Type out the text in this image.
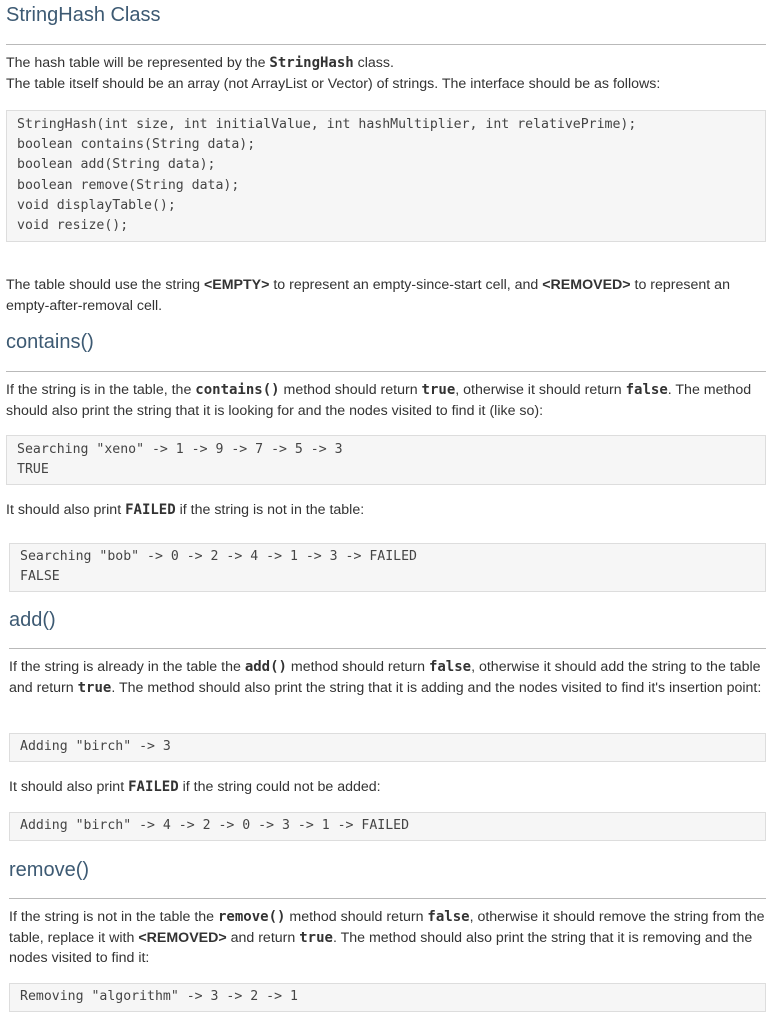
StringHash Class

The hash table will be represented by the StringHash class.

The table itself should be an array (not ArrayList or Vector) of strings. The interface should be as follows:

StringHash(int size, int initialValue, int hashMultiplier, int relativePrime);
boolean contains(String data);
boolean add(String data);
boolean remove(String data);
void displayTable();
void resize();

The table should use the string <EMPTY> to represent an empty-since-start cell, and <REMOVED> to represent an empty-after-removal cell.

contains()

If the string is in the table, the contains() method should return true, otherwise it should return false. The method should also print the string that it is looking for and the nodes visited to find it (like so):

Searching "xeno" -> 1 -> 9 -> 7 -> 5 -> 3
TRUE

It should also print FAILED if the string is not in the table:

Searching "bob" -> 0 -> 2 -> 4 -> 1 -> 3 -> FAILED
FALSE
add()

If the string is already in the table the add() method should return false, otherwise it should add the string to the table and return true. The method should also print the string that it is adding and the nodes visited to find it's insertion point:

Adding "birch" -> 3

It should also print FAILED if the string could not be added:

Adding "birch" -> 4 -> 2 -> 0 -> 3 -> 1 -> FAILED
remove()

If the string is not in the table the remove() method should return false, otherwise it should remove the string from the table, replace it with <REMOVED> and return true. The method should also print the string that it is removing and the nodes visited to find it:

Removing "algorithm" -> 3 -> 2 -> 1
